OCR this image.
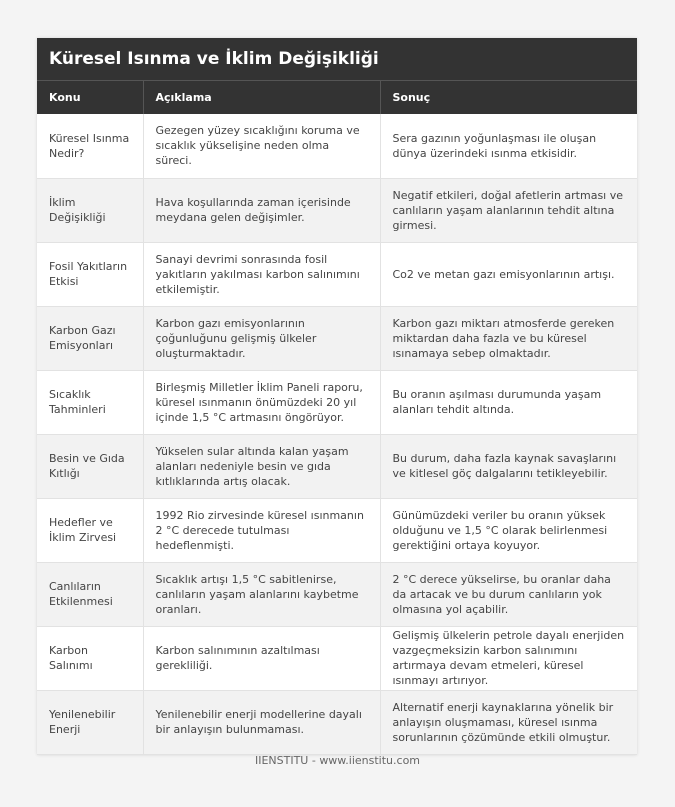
Küresel Isınma ve İklim Değişikliği
Konu	Açıklama	Sonuç
Küresel Isınma Nedir?	Gezegen yüzey sıcaklığını koruma ve sıcaklık yükselişine neden olma süreci.	Sera gazının yoğunlaşması ile oluşan dünya üzerindeki ısınma etkisidir.
İklim Değişikliği	Hava koşullarında zaman içerisinde meydana gelen değişimler.	Negatif etkileri, doğal afetlerin artması ve canlıların yaşam alanlarının tehdit altına girmesi.
Fosil Yakıtların Etkisi	Sanayi devrimi sonrasında fosil yakıtların yakılması karbon salınımını etkilemiştir.	Co2 ve metan gazı emisyonlarının artışı.
Karbon Gazı Emisyonları	Karbon gazı emisyonlarının çoğunluğunu gelişmiş ülkeler oluşturmaktadır.	Karbon gazı miktarı atmosferde gereken miktardan daha fazla ve bu küresel ısınamaya sebep olmaktadır.
Sıcaklık Tahminleri	Birleşmiş Milletler İklim Paneli raporu, küresel ısınmanın önümüzdeki 20 yıl içinde 1,5 °C artmasını öngörüyor.	Bu oranın aşılması durumunda yaşam alanları tehdit altında.
Besin ve Gıda Kıtlığı	Yükselen sular altında kalan yaşam alanları nedeniyle besin ve gıda kıtlıklarında artış olacak.	Bu durum, daha fazla kaynak savaşlarını ve kitlesel göç dalgalarını tetikleyebilir.
Hedefler ve İklim Zirvesi	1992 Rio zirvesinde küresel ısınmanın 2 °C derecede tutulması hedeflenmişti.	Günümüzdeki veriler bu oranın yüksek olduğunu ve 1,5 °C olarak belirlenmesi gerektiğini ortaya koyuyor.
Canlıların Etkilenmesi	Sıcaklık artışı 1,5 °C sabitlenirse, canlıların yaşam alanlarını kaybetme oranları.	2 °C derece yükselirse, bu oranlar daha da artacak ve bu durum canlıların yok olmasına yol açabilir.
Karbon Salınımı	Karbon salınımının azaltılması gerekliliği.	Gelişmiş ülkelerin petrole dayalı enerjiden vazgeçmeksizin karbon salınımını artırmaya devam etmeleri, küresel ısınmayı artırıyor.
Yenilenebilir Enerji	Yenilenebilir enerji modellerine dayalı bir anlayışın bulunmaması.	Alternatif enerji kaynaklarına yönelik bir anlayışın oluşmaması, küresel ısınma sorunlarının çözümünde etkili olmuştur.
IIENSTITU - www.iienstitu.com
